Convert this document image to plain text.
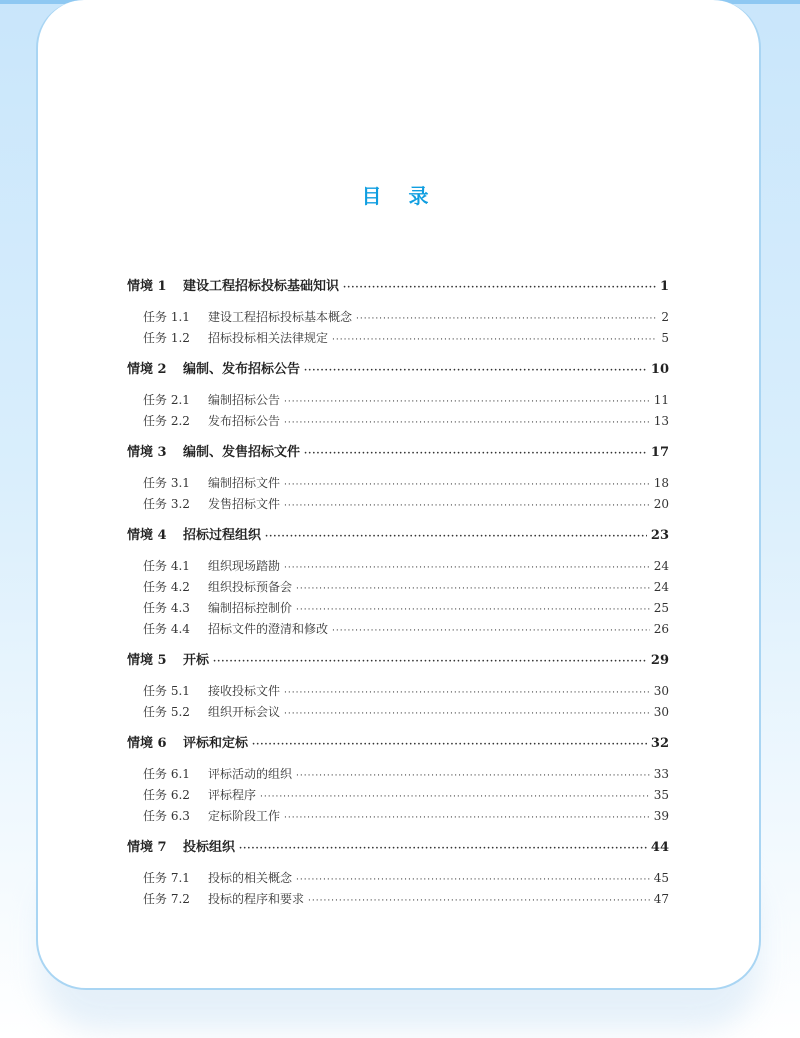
目 录
情境 1 建设工程招标投标基础知识 ·····	1
任务 1.1 建设工程招标投标基本概念 ·····	2
任务 1.2 招标投标相关法律规定 ·····	5
情境 2 编制、发布招标公告 ·····	10
任务 2.1 编制招标公告 ·····	11
任务 2.2 发布招标公告 ·····	13
情境 3 编制、发售招标文件 ·····	17
任务 3.1 编制招标文件 ·····	18
任务 3.2 发售招标文件 ·····	20
情境 4 招标过程组织 ·····	23
任务 4.1 组织现场踏勘 ·····	24
任务 4.2 组织投标预备会 ·····	24
任务 4.3 编制招标控制价 ·····	25
任务 4.4 招标文件的澄清和修改 ·····	26
情境 5 开标 ·····	29
任务 5.1 接收投标文件 ·····	30
任务 5.2 组织开标会议 ·····	30
情境 6 评标和定标 ·····	32
任务 6.1 评标活动的组织 ·····	33
任务 6.2 评标程序 ·····	35
任务 6.3 定标阶段工作 ·····	39
情境 7 投标组织 ·····	44
任务 7.1 投标的相关概念 ·····	45
任务 7.2 投标的程序和要求 ·····	47
